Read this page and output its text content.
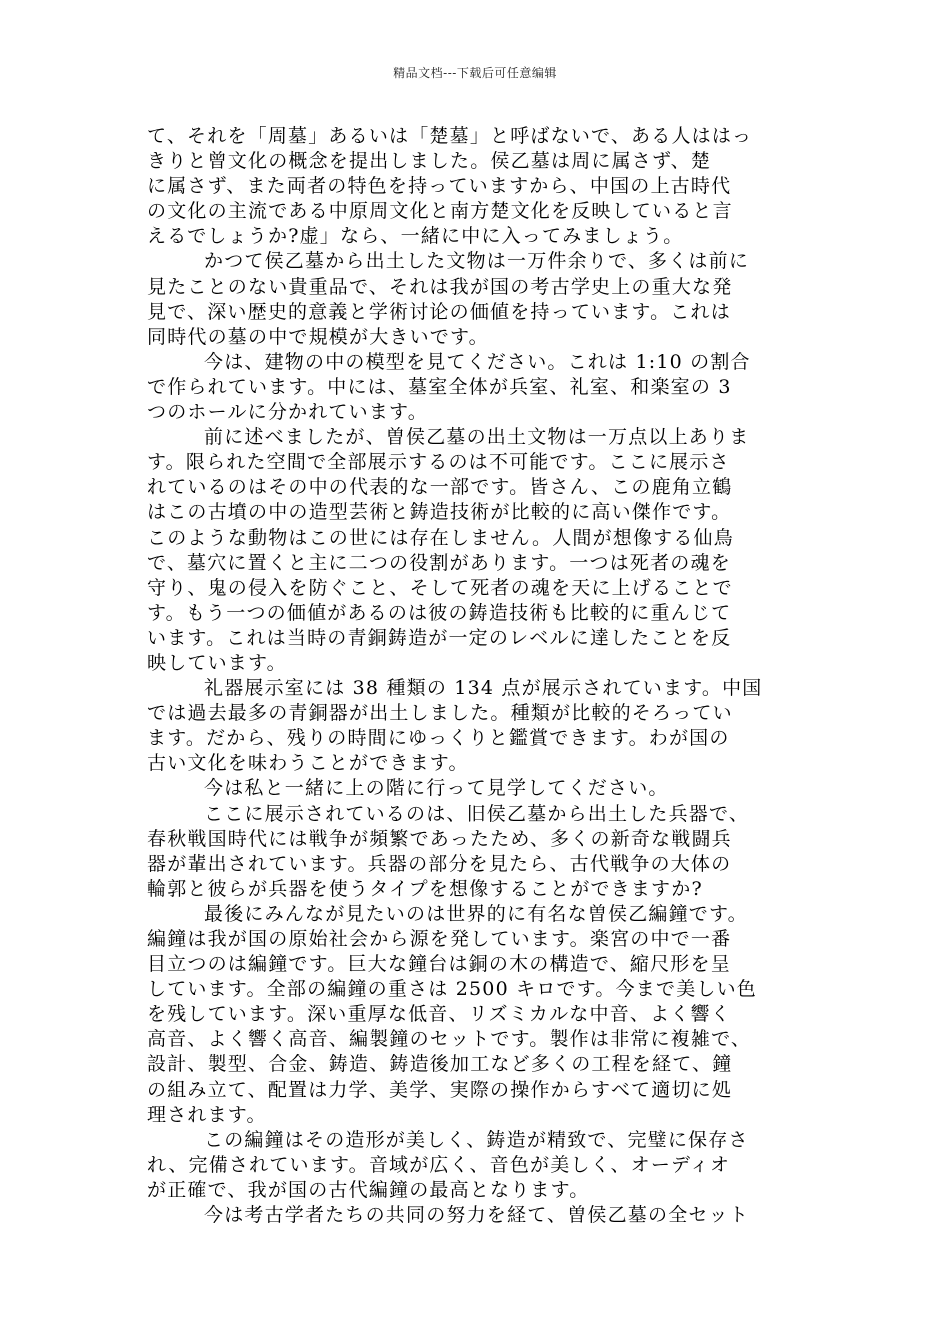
精品文档---下载后可任意编辑
て、それを「周墓」あるいは「楚墓」と呼ばないで、ある人ははっ
きりと曾文化の概念を提出しました。侯乙墓は周に属さず、楚
に属さず、また両者の特色を持っていますから、中国の上古時代
の文化の主流である中原周文化と南方楚文化を反映していると言
えるでしょうか?虚」なら、一緒に中に入ってみましょう。
かつて侯乙墓から出土した文物は一万件余りで、多くは前に
見たことのない貴重品で、それは我が国の考古学史上の重大な発
見で、深い歴史的意義と学術讨论の価値を持っています。これは
同時代の墓の中で規模が大きいです。
今は、建物の中の模型を見てください。これは 1:10 の割合
で作られています。中には、墓室全体が兵室、礼室、和楽室の 3
つのホールに分かれています。
前に述べましたが、曽侯乙墓の出土文物は一万点以上ありま
す。限られた空間で全部展示するのは不可能です。ここに展示さ
れているのはその中の代表的な一部です。皆さん、この鹿角立鶴
はこの古墳の中の造型芸術と鋳造技術が比較的に高い傑作です。
このような動物はこの世には存在しません。人間が想像する仙鳥
で、墓穴に置くと主に二つの役割があります。一つは死者の魂を
守り、鬼の侵入を防ぐこと、そして死者の魂を天に上げることで
す。もう一つの価値があるのは彼の鋳造技術も比較的に重んじて
います。これは当時の青銅鋳造が一定のレベルに達したことを反
映しています。
礼器展示室には 38 種類の 134 点が展示されています。中国
では過去最多の青銅器が出土しました。種類が比較的そろってい
ます。だから、残りの時間にゆっくりと鑑賞できます。わが国の
古い文化を味わうことができます。
今は私と一緒に上の階に行って見学してください。
ここに展示されているのは、旧侯乙墓から出土した兵器で、
春秋戦国時代には戦争が頻繁であったため、多くの新奇な戦闘兵
器が輩出されています。兵器の部分を見たら、古代戦争の大体の
輪郭と彼らが兵器を使うタイプを想像することができますか?
最後にみんなが見たいのは世界的に有名な曽侯乙編鐘です。
編鐘は我が国の原始社会から源を発しています。楽宮の中で一番
目立つのは編鐘です。巨大な鐘台は銅の木の構造で、縮尺形を呈
しています。全部の編鐘の重さは 2500 キロです。今まで美しい色
を残しています。深い重厚な低音、リズミカルな中音、よく響く
高音、よく響く高音、編製鐘のセットです。製作は非常に複雑で、
設計、製型、合金、鋳造、鋳造後加工など多くの工程を経て、鐘
の組み立て、配置は力学、美学、実際の操作からすべて適切に処
理されます。
この編鐘はその造形が美しく、鋳造が精致で、完璧に保存さ
れ、完備されています。音域が広く、音色が美しく、オーディオ
が正確で、我が国の古代編鐘の最高となります。
今は考古学者たちの共同の努力を経て、曽侯乙墓の全セット
